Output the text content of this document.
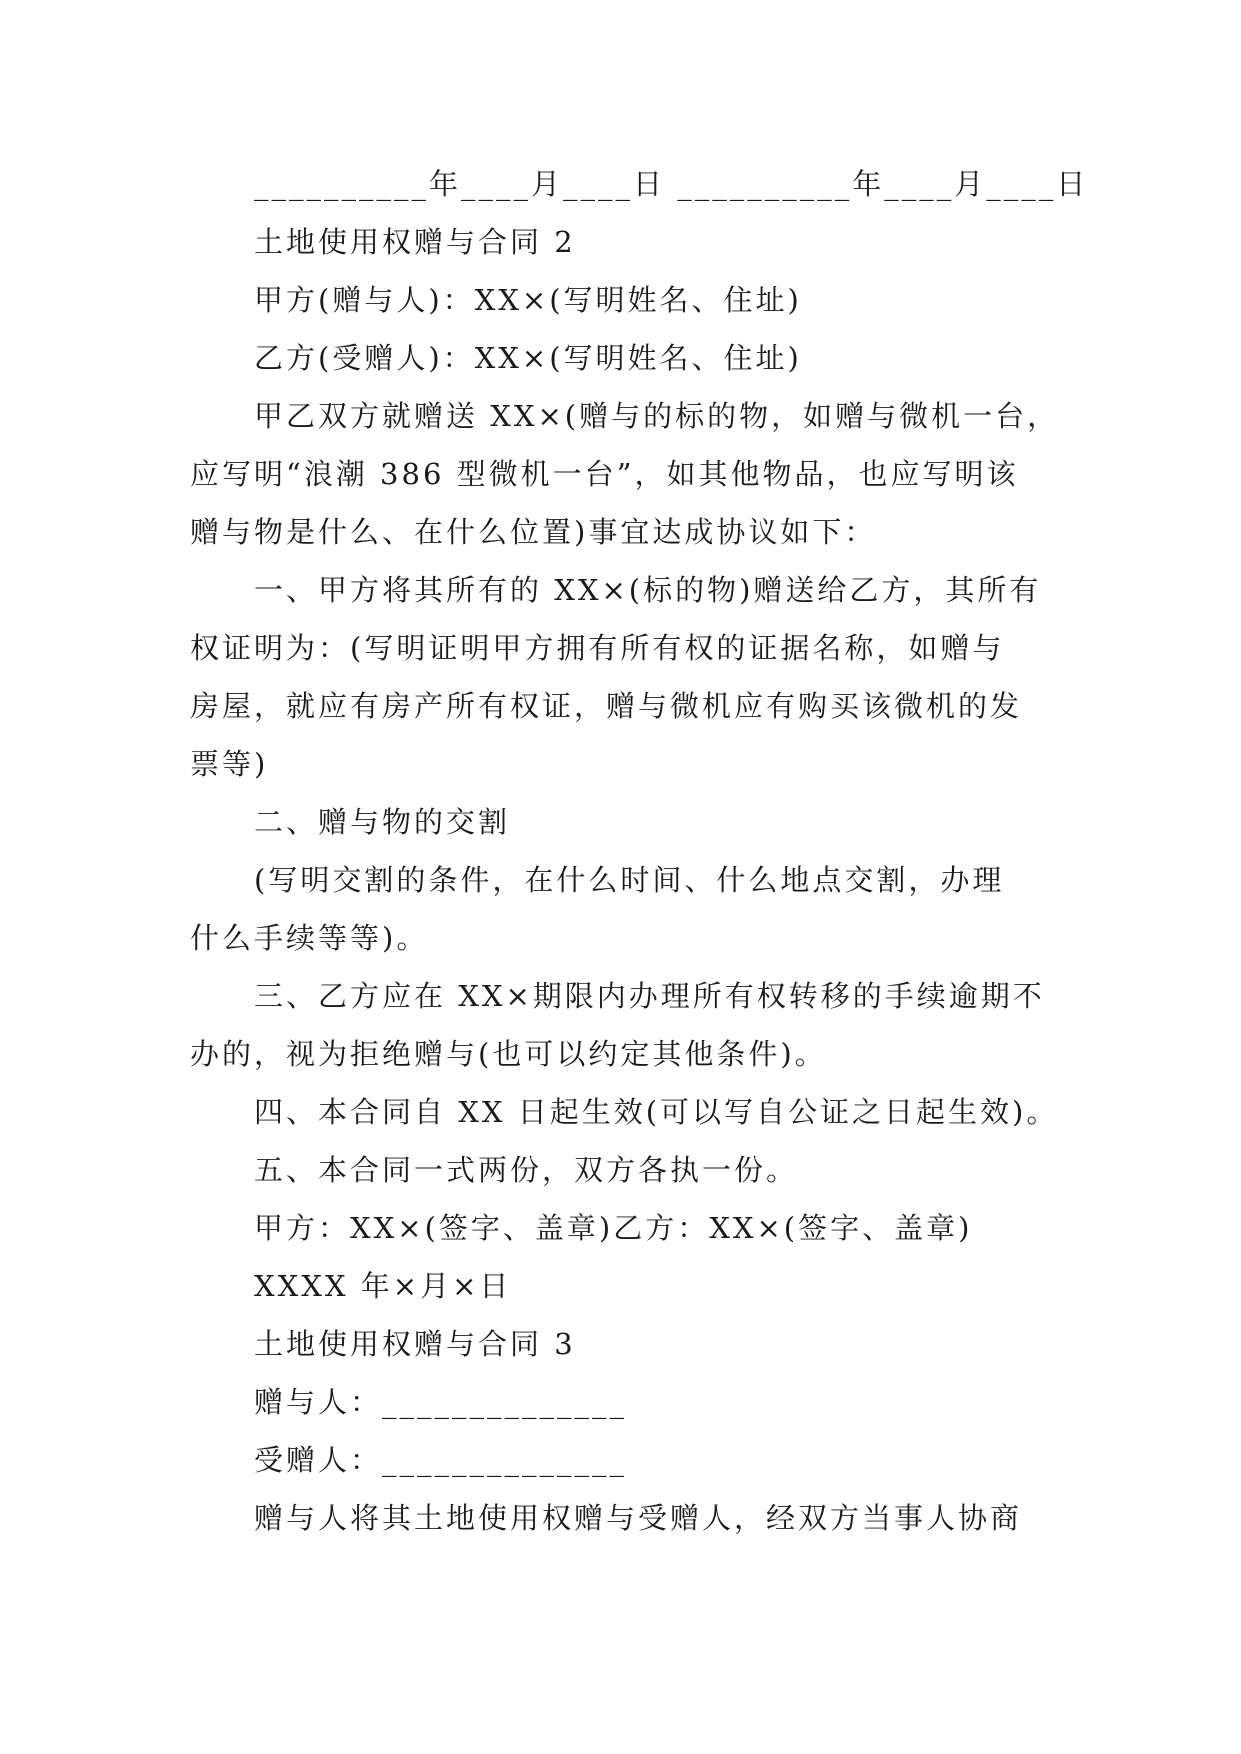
__________年____月____日 __________年____月____日
土地使用权赠与合同 2
甲方(赠与人)：XX×(写明姓名、住址)
乙方(受赠人)：XX×(写明姓名、住址)
甲乙双方就赠送 XX×(赠与的标的物，如赠与微机一台，
应写明“浪潮 386 型微机一台”，如其他物品，也应写明该
赠与物是什么、在什么位置)事宜达成协议如下：
一、甲方将其所有的 XX×(标的物)赠送给乙方，其所有
权证明为：(写明证明甲方拥有所有权的证据名称，如赠与
房屋，就应有房产所有权证，赠与微机应有购买该微机的发
票等)
二、赠与物的交割
(写明交割的条件，在什么时间、什么地点交割，办理
什么手续等等)。
三、乙方应在 XX×期限内办理所有权转移的手续逾期不
办的，视为拒绝赠与(也可以约定其他条件)。
四、本合同自 XX 日起生效(可以写自公证之日起生效)。
五、本合同一式两份，双方各执一份。
甲方：XX×(签字、盖章)乙方：XX×(签字、盖章)
XXXX 年×月×日
土地使用权赠与合同 3
赠与人：______________
受赠人：______________
赠与人将其土地使用权赠与受赠人，经双方当事人协商
